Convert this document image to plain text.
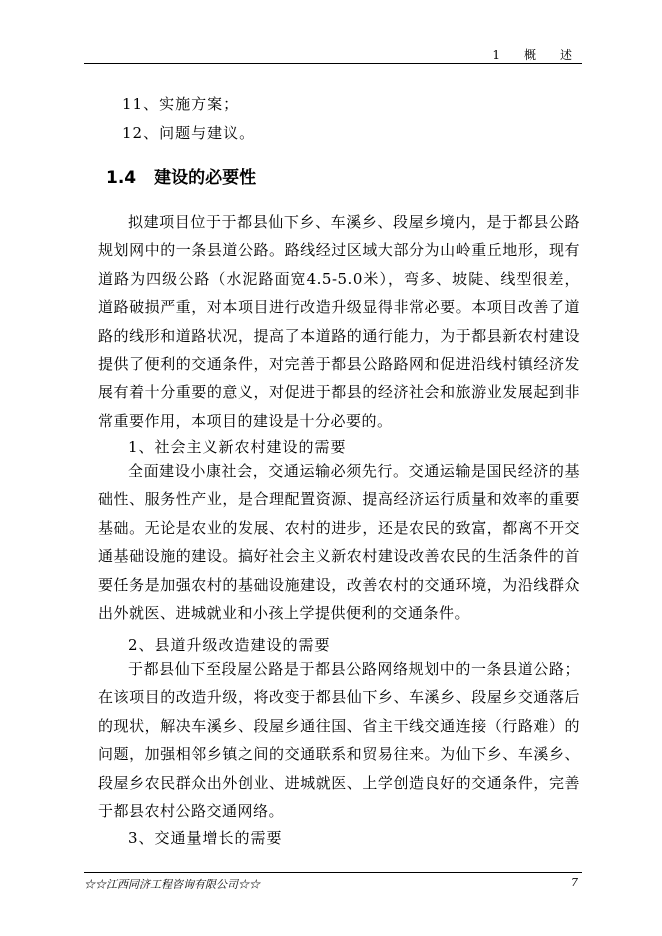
1　概　述
11、实施方案；
12、问题与建议。
1.4 建设的必要性

拟建项目位于于都县仙下乡、车溪乡、段屋乡境内，是于都县公路规划网中的一条县道公路。路线经过区域大部分为山岭重丘地形，现有道路为四级公路（水泥路面宽4.5-5.0米），弯多、坡陡、线型很差，道路破损严重，对本项目进行改造升级显得非常必要。本项目改善了道路的线形和道路状况，提高了本道路的通行能力，为于都县新农村建设提供了便利的交通条件，对完善于都县公路路网和促进沿线村镇经济发展有着十分重要的意义，对促进于都县的经济社会和旅游业发展起到非常重要作用，本项目的建设是十分必要的。

1、社会主义新农村建设的需要

全面建设小康社会，交通运输必须先行。交通运输是国民经济的基础性、服务性产业，是合理配置资源、提高经济运行质量和效率的重要基础。无论是农业的发展、农村的进步，还是农民的致富，都离不开交通基础设施的建设。搞好社会主义新农村建设改善农民的生活条件的首要任务是加强农村的基础设施建设，改善农村的交通环境，为沿线群众出外就医、进城就业和小孩上学提供便利的交通条件。

2、县道升级改造建设的需要

于都县仙下至段屋公路是于都县公路网络规划中的一条县道公路；在该项目的改造升级，将改变于都县仙下乡、车溪乡、段屋乡交通落后的现状，解决车溪乡、段屋乡通往国、省主干线交通连接（行路难）的问题，加强相邻乡镇之间的交通联系和贸易往来。为仙下乡、车溪乡、段屋乡农民群众出外创业、进城就医、上学创造良好的交通条件，完善于都县农村公路交通网络。

3、交通量增长的需要

☆☆江西同济工程咨询有限公司☆☆	7
